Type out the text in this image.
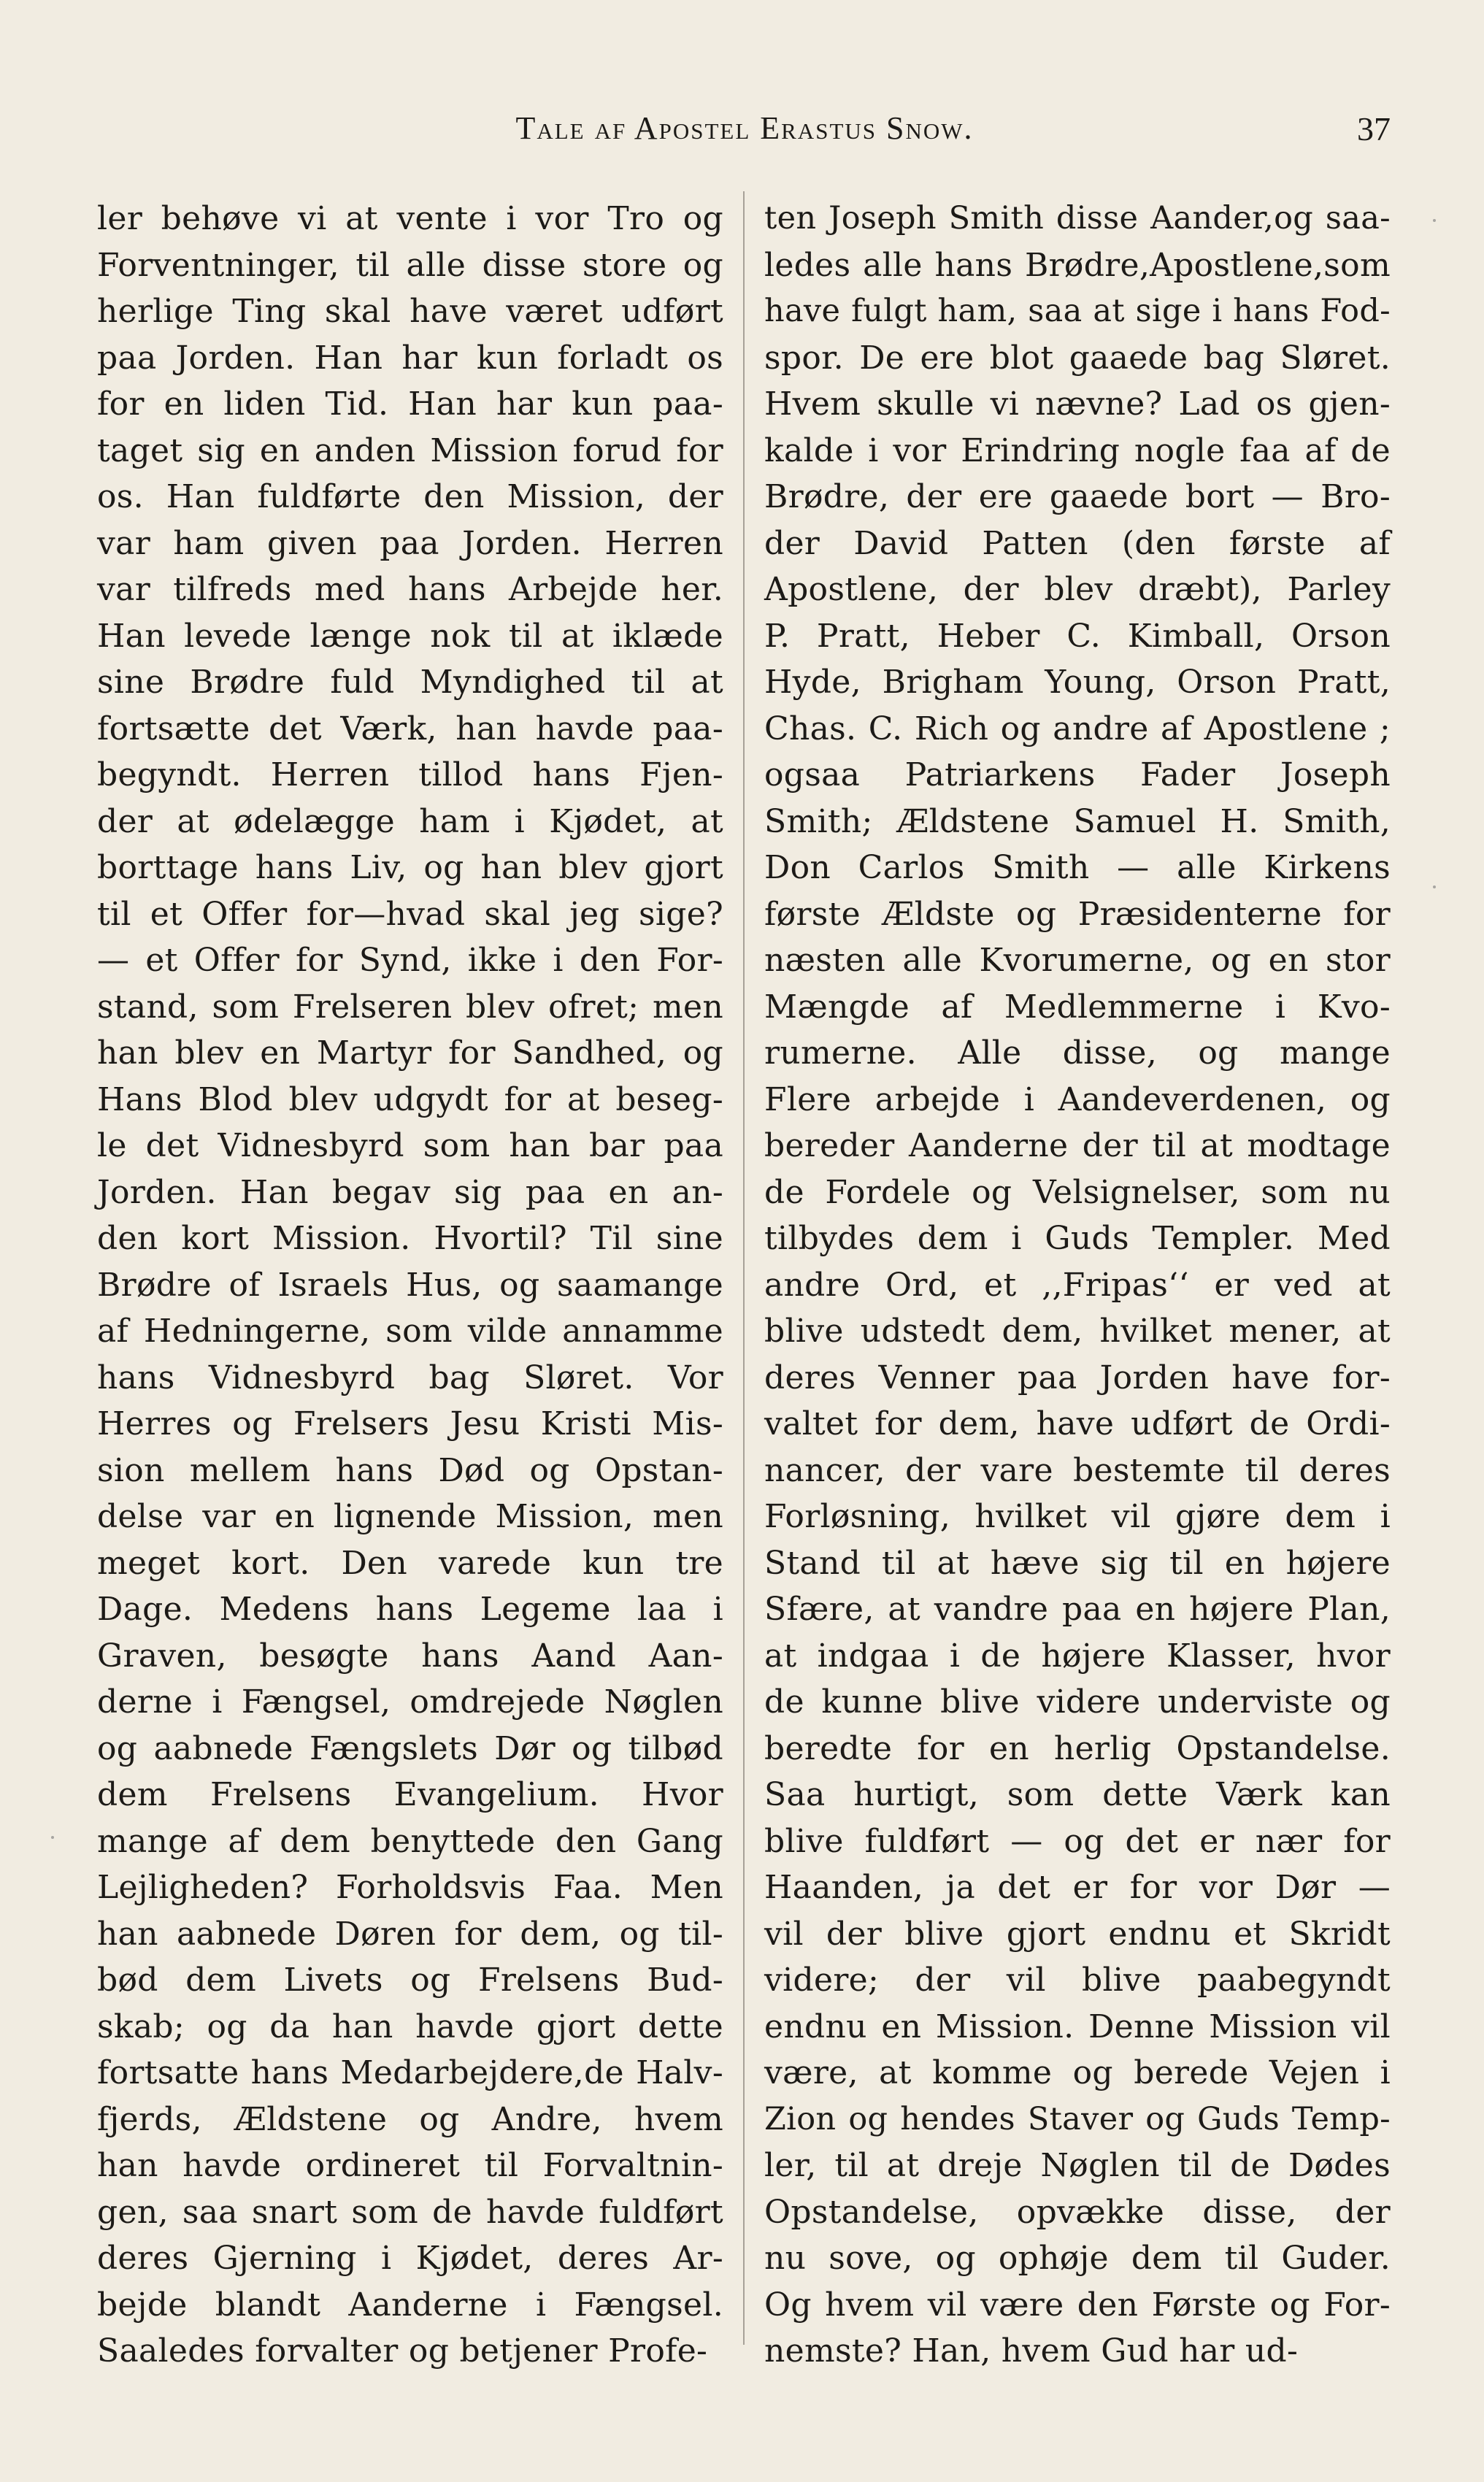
Tale af Apostel Erastus Snow.	37
ler behøve vi at vente i vor Tro og
Forventninger, til alle disse store og
herlige Ting skal have været udført
paa Jorden. Han har kun forladt os
for en liden Tid. Han har kun paa-
taget sig en anden Mission forud for
os. Han fuldførte den Mission, der
var ham given paa Jorden. Herren
var tilfreds med hans Arbejde her.
Han levede længe nok til at iklæde
sine Brødre fuld Myndighed til at
fortsætte det Værk, han havde paa-
begyndt. Herren tillod hans Fjen-
der at ødelægge ham i Kjødet, at
borttage hans Liv, og han blev gjort
til et Offer for—hvad skal jeg sige?
— et Offer for Synd, ikke i den For-
stand, som Frelseren blev ofret; men
han blev en Martyr for Sandhed, og
Hans Blod blev udgydt for at beseg-
le det Vidnesbyrd som han bar paa
Jorden. Han begav sig paa en an-
den kort Mission. Hvortil? Til sine
Brødre of Israels Hus, og saamange
af Hedningerne, som vilde annamme
hans Vidnesbyrd bag Sløret. Vor
Herres og Frelsers Jesu Kristi Mis-
sion mellem hans Død og Opstan-
delse var en lignende Mission, men
meget kort. Den varede kun tre
Dage. Medens hans Legeme laa i
Graven, besøgte hans Aand Aan-
derne i Fængsel, omdrejede Nøglen
og aabnede Fængslets Dør og tilbød
dem Frelsens Evangelium. Hvor
mange af dem benyttede den Gang
Lejligheden? Forholdsvis Faa. Men
han aabnede Døren for dem, og til-
bød dem Livets og Frelsens Bud-
skab; og da han havde gjort dette
fortsatte hans Medarbejdere,de Halv-
fjerds, Ældstene og Andre, hvem
han havde ordineret til Forvaltnin-
gen, saa snart som de havde fuldført
deres Gjerning i Kjødet, deres Ar-
bejde blandt Aanderne i Fængsel.
Saaledes forvalter og betjener Profe-
ten Joseph Smith disse Aander,og saa-
ledes alle hans Brødre,Apostlene,som
have fulgt ham, saa at sige i hans Fod-
spor. De ere blot gaaede bag Sløret.
Hvem skulle vi nævne? Lad os gjen-
kalde i vor Erindring nogle faa af de
Brødre, der ere gaaede bort — Bro-
der David Patten (den første af
Apostlene, der blev dræbt), Parley
P. Pratt, Heber C. Kimball, Orson
Hyde, Brigham Young, Orson Pratt,
Chas. C. Rich og andre af Apostlene ;
ogsaa Patriarkens Fader Joseph
Smith; Ældstene Samuel H. Smith,
Don Carlos Smith — alle Kirkens
første Ældste og Præsidenterne for
næsten alle Kvorumerne, og en stor
Mængde af Medlemmerne i Kvo-
rumerne. Alle disse, og mange
Flere arbejde i Aandeverdenen, og
bereder Aanderne der til at modtage
de Fordele og Velsignelser, som nu
tilbydes dem i Guds Templer. Med
andre Ord, et ,,Fripas‘‘ er ved at
blive udstedt dem, hvilket mener, at
deres Venner paa Jorden have for-
valtet for dem, have udført de Ordi-
nancer, der vare bestemte til deres
Forløsning, hvilket vil gjøre dem i
Stand til at hæve sig til en højere
Sfære, at vandre paa en højere Plan,
at indgaa i de højere Klasser, hvor
de kunne blive videre underviste og
beredte for en herlig Opstandelse.
Saa hurtigt, som dette Værk kan
blive fuldført — og det er nær for
Haanden, ja det er for vor Dør —
vil der blive gjort endnu et Skridt
videre; der vil blive paabegyndt
endnu en Mission. Denne Mission vil
være, at komme og berede Vejen i
Zion og hendes Staver og Guds Temp-
ler, til at dreje Nøglen til de Dødes
Opstandelse, opvække disse, der
nu sove, og ophøje dem til Guder.
Og hvem vil være den Første og For-
nemste? Han, hvem Gud har ud-
